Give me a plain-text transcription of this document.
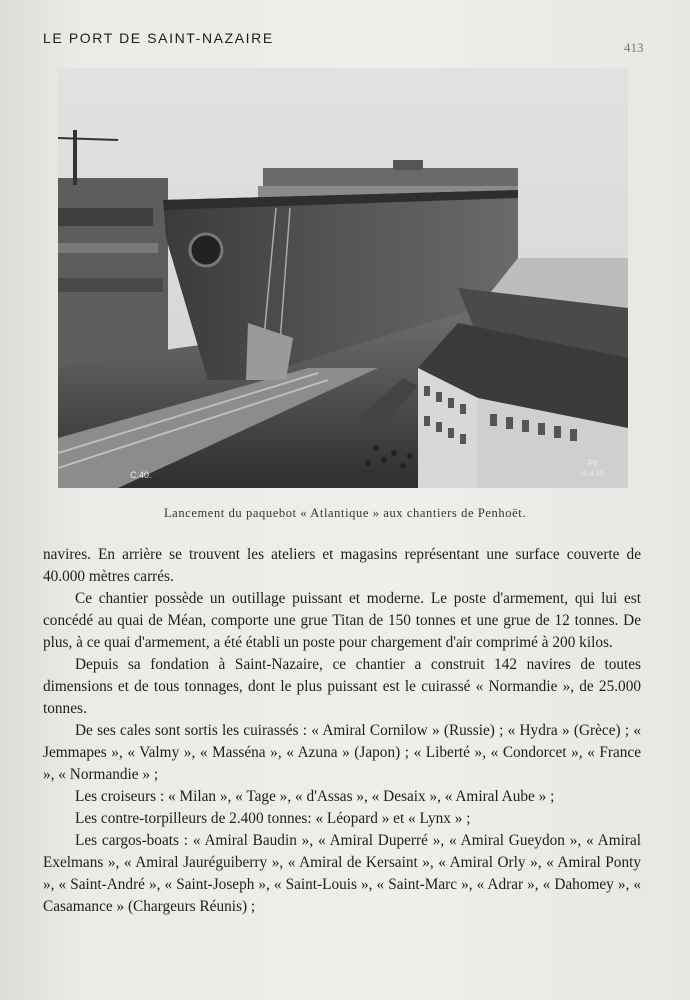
LE PORT DE SAINT-NAZAIRE
413
C.40.
P8
15.4.30.
Lancement du paquebot « Atlantique » aux chantiers de Penhoët.

navires. En arrière se trouvent les ateliers et magasins représentant une surface couverte de 40.000 mètres carrés.

Ce chantier possède un outillage puissant et moderne. Le poste d'armement, qui lui est concédé au quai de Méan, comporte une grue Titan de 150 tonnes et une grue de 12 tonnes. De plus, à ce quai d'armement, a été établi un poste pour chargement d'air comprimé à 200 kilos.

Depuis sa fondation à Saint-Nazaire, ce chantier a construit 142 navires de toutes dimensions et de tous tonnages, dont le plus puissant est le cuirassé « Normandie », de 25.000 tonnes.

De ses cales sont sortis les cuirassés : « Amiral Cornilow » (Russie) ; « Hydra » (Grèce) ; « Jemmapes », « Valmy », « Masséna », « Azuna » (Japon) ; « Liberté », « Condorcet », « France », « Normandie » ;

Les croiseurs : « Milan », « Tage », « d'Assas », « Desaix », « Amiral Aube » ;

Les contre-torpilleurs de 2.400 tonnes: « Léopard » et « Lynx » ;

Les cargos-boats : « Amiral Baudin », « Amiral Duperré », « Amiral Gueydon », « Amiral Exelmans », « Amiral Jauréguiberry », « Amiral de Kersaint », « Amiral Orly », « Amiral Ponty », « Saint-André », « Saint-Joseph », « Saint-Louis », « Saint-Marc », « Adrar », « Dahomey », « Casamance » (Chargeurs Réunis) ;
